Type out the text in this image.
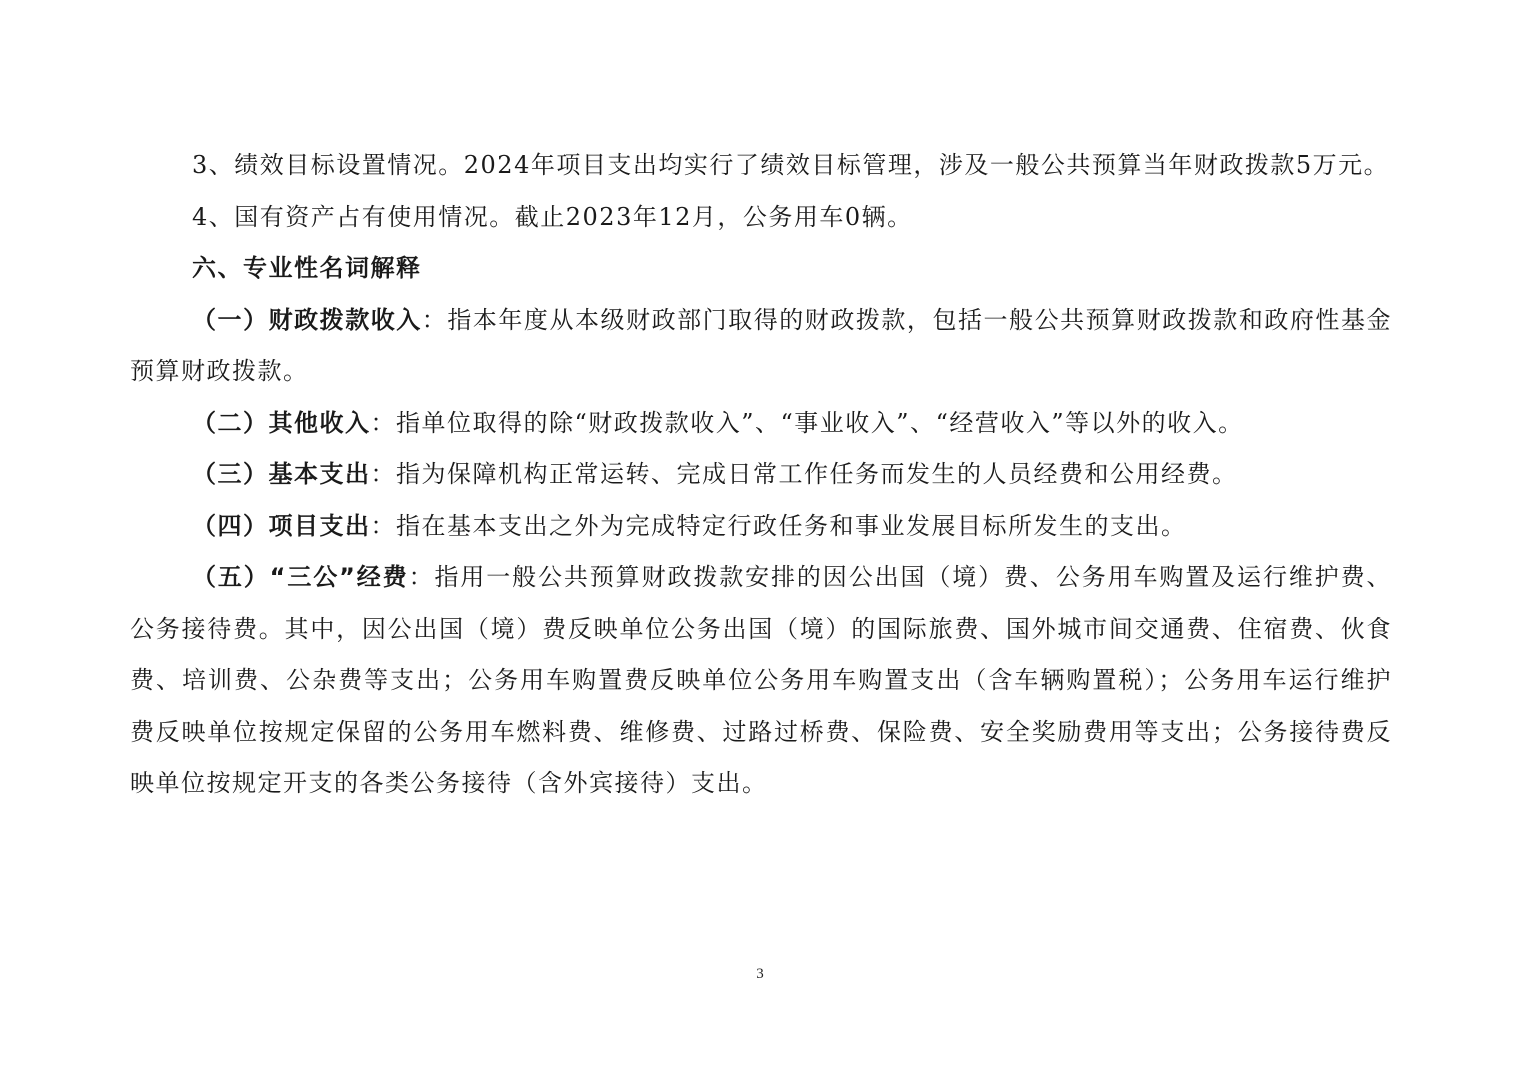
3、绩效目标设置情况。2024年项目支出均实行了绩效目标管理，涉及一般公共预算当年财政拨款5万元。

4、国有资产占有使用情况。截止2023年12月，公务用车0辆。

六、专业性名词解释

（一）财政拨款收入：指本年度从本级财政部门取得的财政拨款，包括一般公共预算财政拨款和政府性基金预算财政拨款。

（二）其他收入：指单位取得的除“财政拨款收入”、“事业收入”、“经营收入”等以外的收入。

（三）基本支出：指为保障机构正常运转、完成日常工作任务而发生的人员经费和公用经费。

（四）项目支出：指在基本支出之外为完成特定行政任务和事业发展目标所发生的支出。

（五）“三公”经费：指用一般公共预算财政拨款安排的因公出国（境）费、公务用车购置及运行维护费、公务接待费。其中，因公出国（境）费反映单位公务出国（境）的国际旅费、国外城市间交通费、住宿费、伙食费、培训费、公杂费等支出；公务用车购置费反映单位公务用车购置支出（含车辆购置税）；公务用车运行维护费反映单位按规定保留的公务用车燃料费、维修费、过路过桥费、保险费、安全奖励费用等支出；公务接待费反映单位按规定开支的各类公务接待（含外宾接待）支出。

3
